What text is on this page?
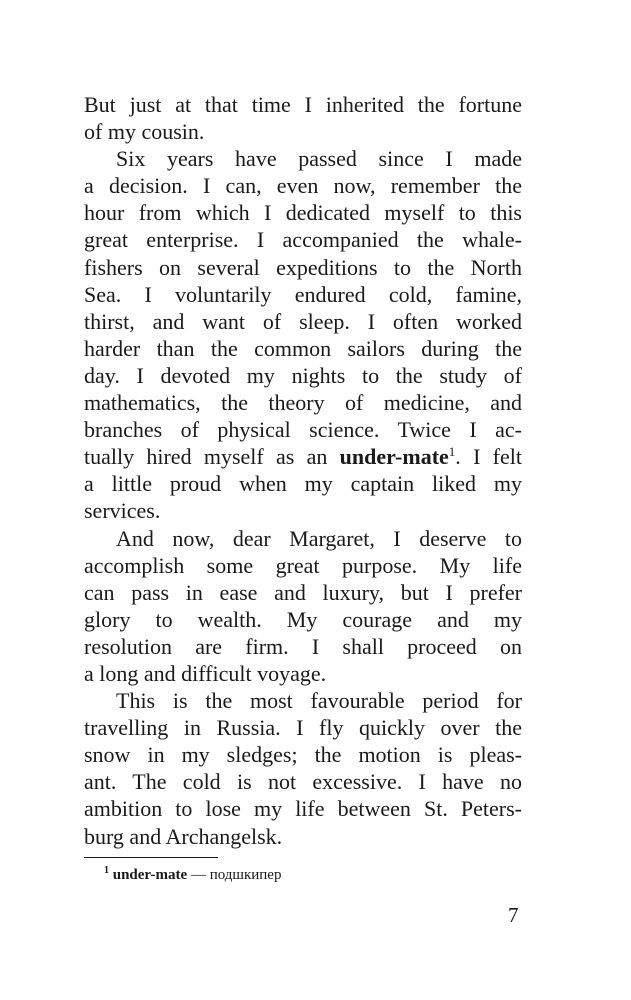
But just at that time I inherited the fortune
of my cousin.
Six years have passed since I made
a decision. I can, even now, remember the
hour from which I dedicated myself to this
great enterprise. I accompanied the whale-
fishers on several expeditions to the North
Sea. I voluntarily endured cold, famine,
thirst, and want of sleep. I often worked
harder than the common sailors during the
day. I devoted my nights to the study of
mathematics, the theory of medicine, and
branches of physical science. Twice I ac-
tually hired myself as an under-mate$^1$. I felt
a little proud when my captain liked my
services.
And now, dear Margaret, I deserve to
accomplish some great purpose. My life
can pass in ease and luxury, but I prefer
glory to wealth. My courage and my
resolution are firm. I shall proceed on
a long and difficult voyage.
This is the most favourable period for
travelling in Russia. I fly quickly over the
snow in my sledges; the motion is pleas-
ant. The cold is not excessive. I have no
ambition to lose my life between St. Peters-
burg and Archangelsk.
$^1$ under-mate — подшкипер
7
